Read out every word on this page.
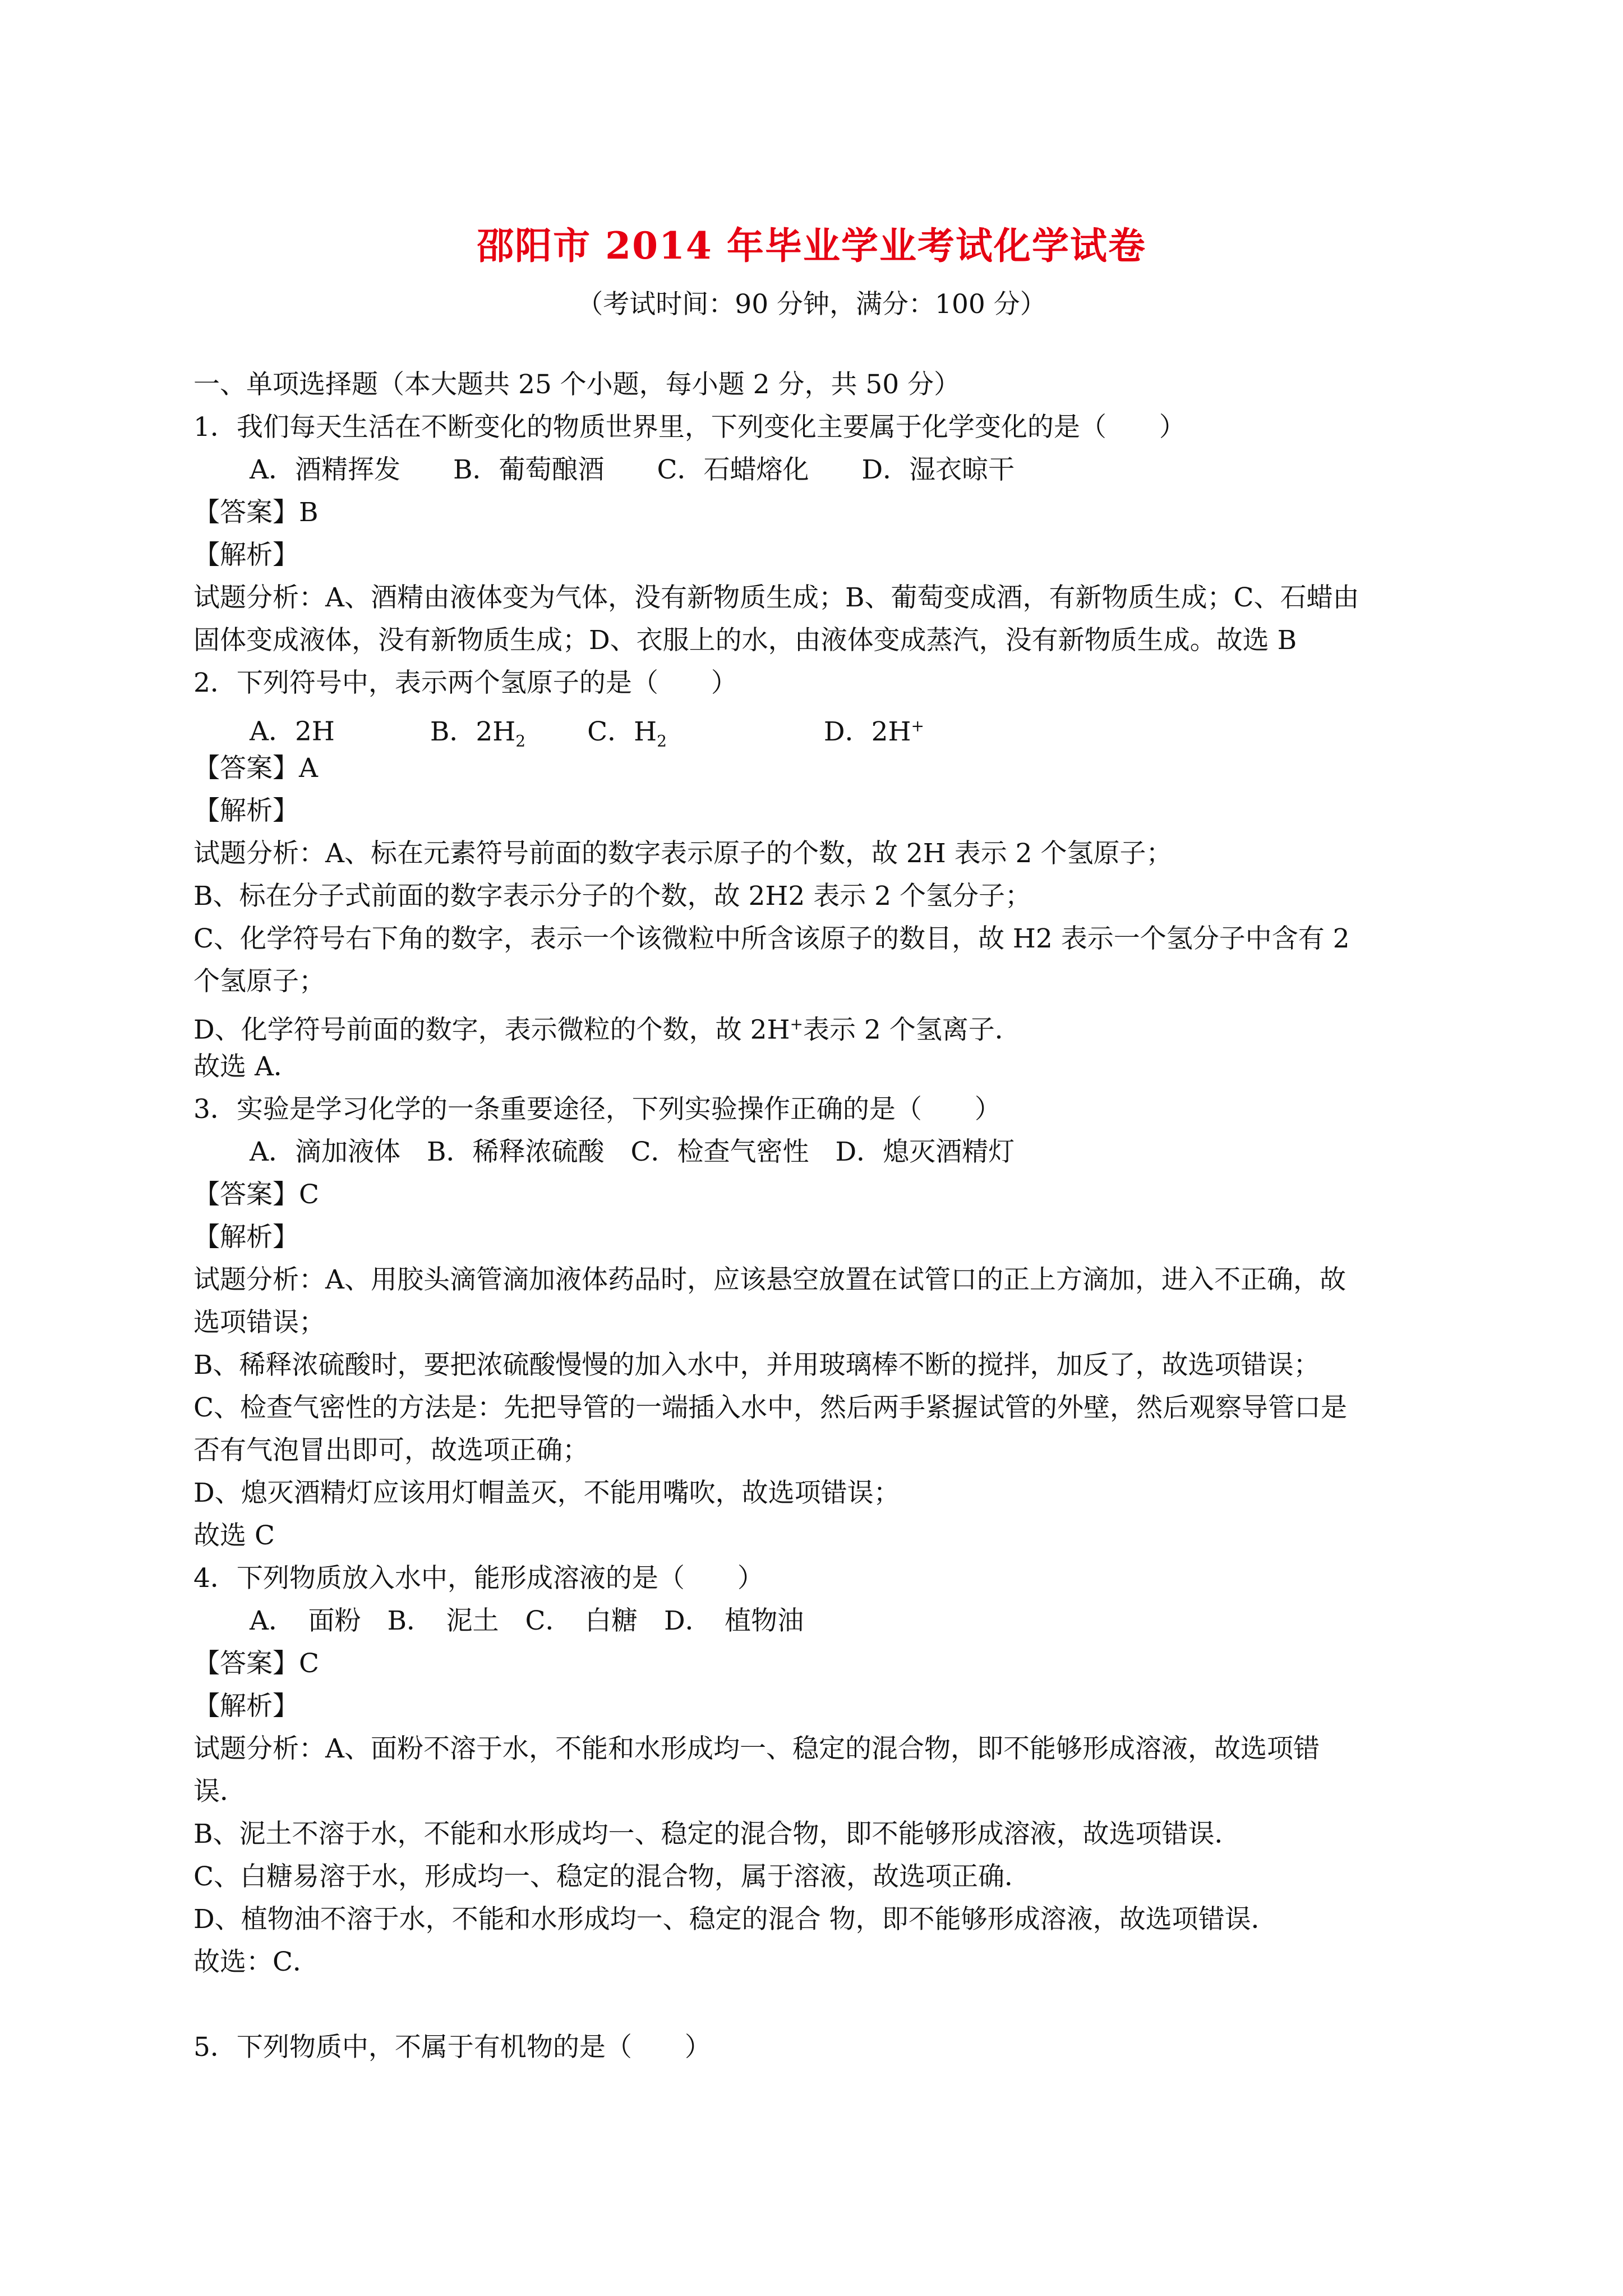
邵阳市 2014 年毕业学业考试化学试卷
（考试时间：90 分钟，满分：100 分）
一、单项选择题（本大题共 25 个小题，每小题 2 分，共 50 分）
1．我们每天生活在不断变化的物质世界里，下列变化主要属于化学变化的是（　　）
A．酒精挥发　　B．葡萄酿酒　　C．石蜡熔化　　D．湿衣晾干
【答案】B
【解析】
试题分析：A、酒精由液体变为气体，没有新物质生成；B、葡萄变成酒，有新物质生成；C、石蜡由
固体变成液体，没有新物质生成；D、衣服上的水，由液体变成蒸汽，没有新物质生成。故选 B
2．下列符号中，表示两个氢原子的是（　　）
A．2H	B．$2H_2$ C．$H_2$	D．2H+
【答案】A
【解析】
试题分析：A、标在元素符号前面的数字表示原子的个数，故 2H 表示 2 个氢原子；
B、标在分子式前面的数字表示分子的个数，故 2H2 表示 2 个氢分子；
C、化学符号右下角的数字，表示一个该微粒中所含该原子的数目，故 H2 表示一个氢分子中含有 2
个氢原子；
D、化学符号前面的数字，表示微粒的个数，故 2H+表示 2 个氢离子．
故选 A．
3．实验是学习化学的一条重要途径，下列实验操作正确的是（　　）
A．滴加液体　B．稀释浓硫酸　C．检查气密性　D．熄灭酒精灯
【答案】C
【解析】
试题分析：A、用胶头滴管滴加液体药品时，应该悬空放置在试管口的正上方滴加，进入不正确，故
选项错误；
B、稀释浓硫酸时，要把浓硫酸慢慢的加入水中，并用玻璃棒不断的搅拌，加反了，故选项错误；
C、检查气密性的方法是：先把导管的一端插入水中，然后两手紧握试管的外壁，然后观察导管口是
否有气泡冒出即可，故选项正确；
D、熄灭酒精灯应该用灯帽盖灭，不能用嘴吹，故选项错误；
故选 C
4．下列物质放入水中，能形成溶液的是（　　）
A．　面粉　B．　泥土　C．　白糖　D．　植物油
【答案】C
【解析】
试题分析：A、面粉不溶于水，不能和水形成均一、稳定的混合物，即不能够形成溶液，故选项错
误．
B、泥土不溶于水，不能和水形成均一、稳定的混合物，即不能够形成溶液，故选项错误．
C、白糖易溶于水，形成均一、稳定的混合物，属于溶液，故选项正确．
D、植物油不溶于水，不能和水形成均一、稳定的混合 物，即不能够形成溶液，故选项错误．
故选：C．
5．下列物质中，不属于有机物的是（　　）
